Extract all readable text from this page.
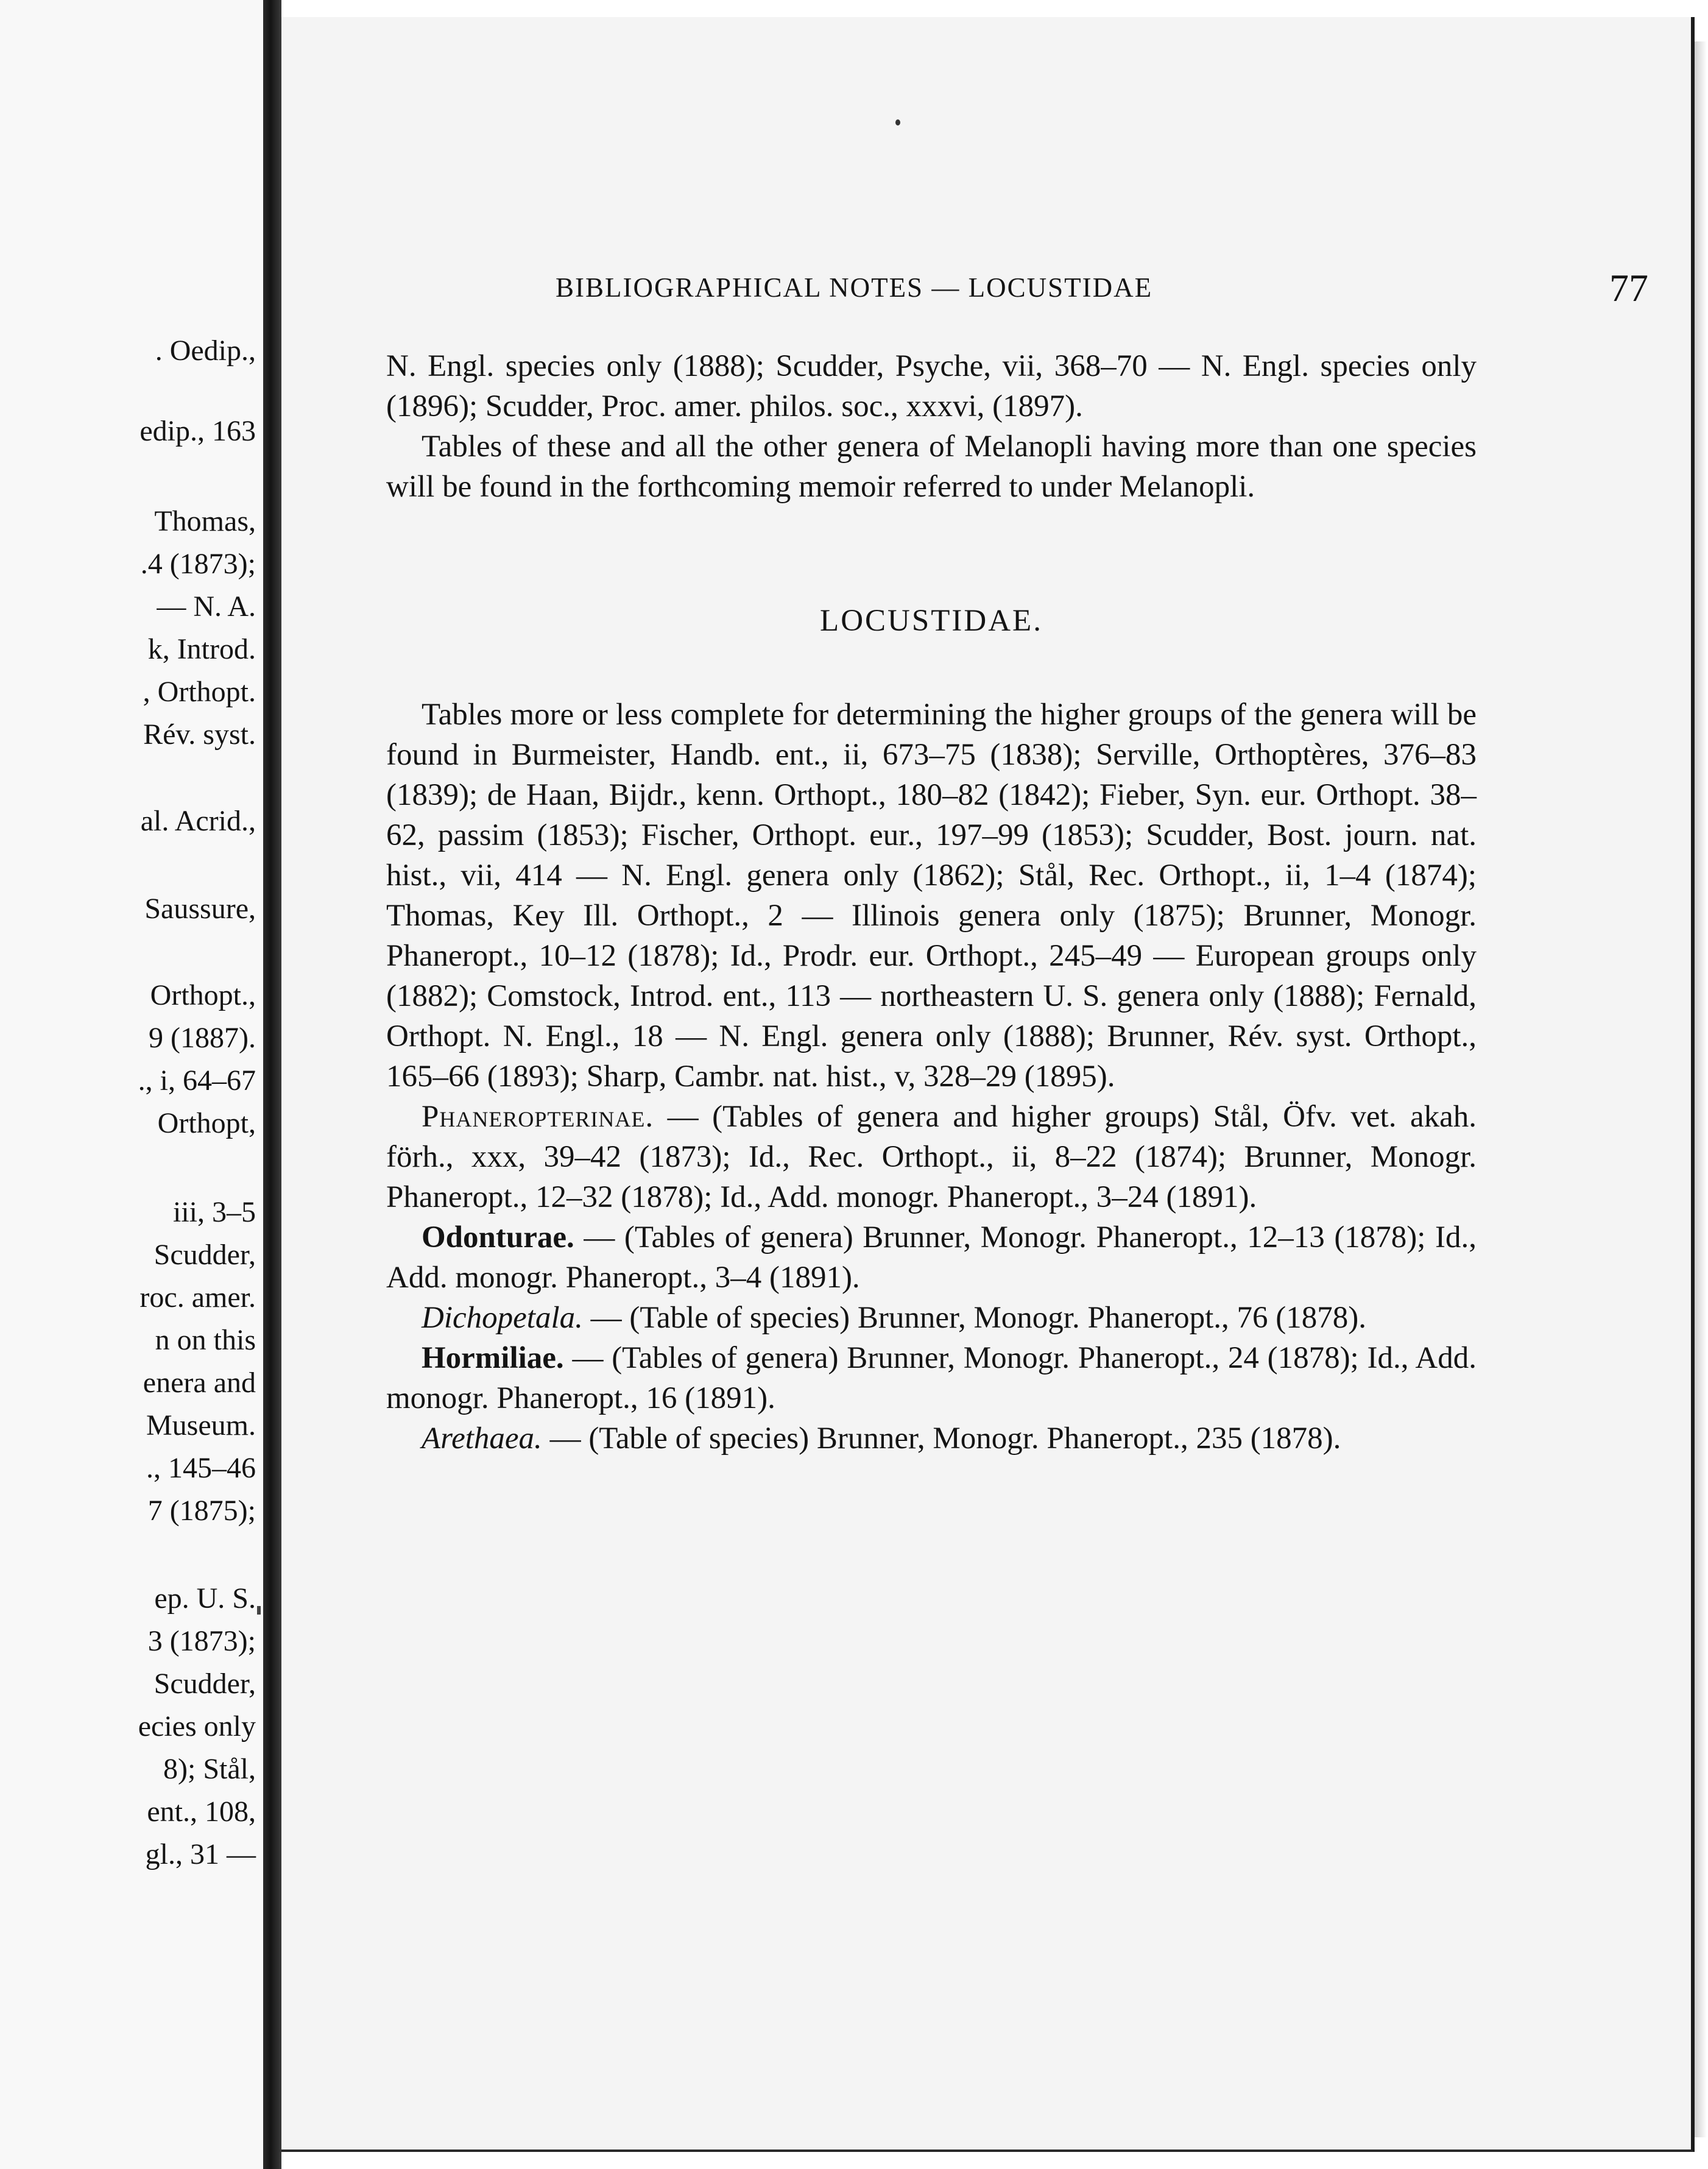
. Oedip.,
edip., 163
Thomas,
.4 (1873);
— N. A.
k, Introd.
, Orthopt.
Rév. syst.
al. Acrid.,
Saussure,
Orthopt.,
9 (1887).
., i, 64–67
Orthopt,
iii, 3–5
Scudder,
roc. amer.
n on this
enera and
Museum.
., 145–46
7 (1875);
ep. U. S.
3 (1873);
Scudder,
ecies only
8); Stål,
ent., 108,
gl., 31 —
BIBLIOGRAPHICAL NOTES — LOCUSTIDAE	77

N. Engl. species only (1888); Scudder, Psyche, vii, 368–70 — N. Engl. species only (1896); Scudder, Proc. amer. philos. soc., xxxvi, (1897).

Tables of these and all the other genera of Melanopli having more than one species will be found in the forthcoming memoir referred to under Melanopli.

LOCUSTIDAE.

Tables more or less complete for determining the higher groups of the genera will be found in Burmeister, Handb. ent., ii, 673–75 (1838); Serville, Orthoptères, 376–83 (1839); de Haan, Bijdr., kenn. Orthopt., 180–82 (1842); Fieber, Syn. eur. Orthopt. 38–62, passim (1853); Fischer, Orthopt. eur., 197–99 (1853); Scudder, Bost. journ. nat. hist., vii, 414 — N. Engl. genera only (1862); Stål, Rec. Orthopt., ii, 1–4 (1874); Thomas, Key Ill. Orthopt., 2 — Illinois genera only (1875); Brunner, Monogr. Phaneropt., 10–12 (1878); Id., Prodr. eur. Orthopt., 245–49 — European groups only (1882); Comstock, Introd. ent., 113 — northeastern U. S. genera only (1888); Fernald, Orthopt. N. Engl., 18 — N. Engl. genera only (1888); Brunner, Rév. syst. Orthopt., 165–66 (1893); Sharp, Cambr. nat. hist., v, 328–29 (1895).

Phaneropterinae. — (Tables of genera and higher groups) Stål, Öfv. vet. akah. förh., xxx, 39–42 (1873); Id., Rec. Orthopt., ii, 8–22 (1874); Brunner, Monogr. Phaneropt., 12–32 (1878); Id., Add. monogr. Phaneropt., 3–24 (1891).

Odonturae. — (Tables of genera) Brunner, Monogr. Phaneropt., 12–13 (1878); Id., Add. monogr. Phaneropt., 3–4 (1891).

Dichopetala. — (Table of species) Brunner, Monogr. Phaneropt., 76 (1878).

Hormiliae. — (Tables of genera) Brunner, Monogr. Phaneropt., 24 (1878); Id., Add. monogr. Phaneropt., 16 (1891).

Arethaea. — (Table of species) Brunner, Monogr. Phaneropt., 235 (1878).
